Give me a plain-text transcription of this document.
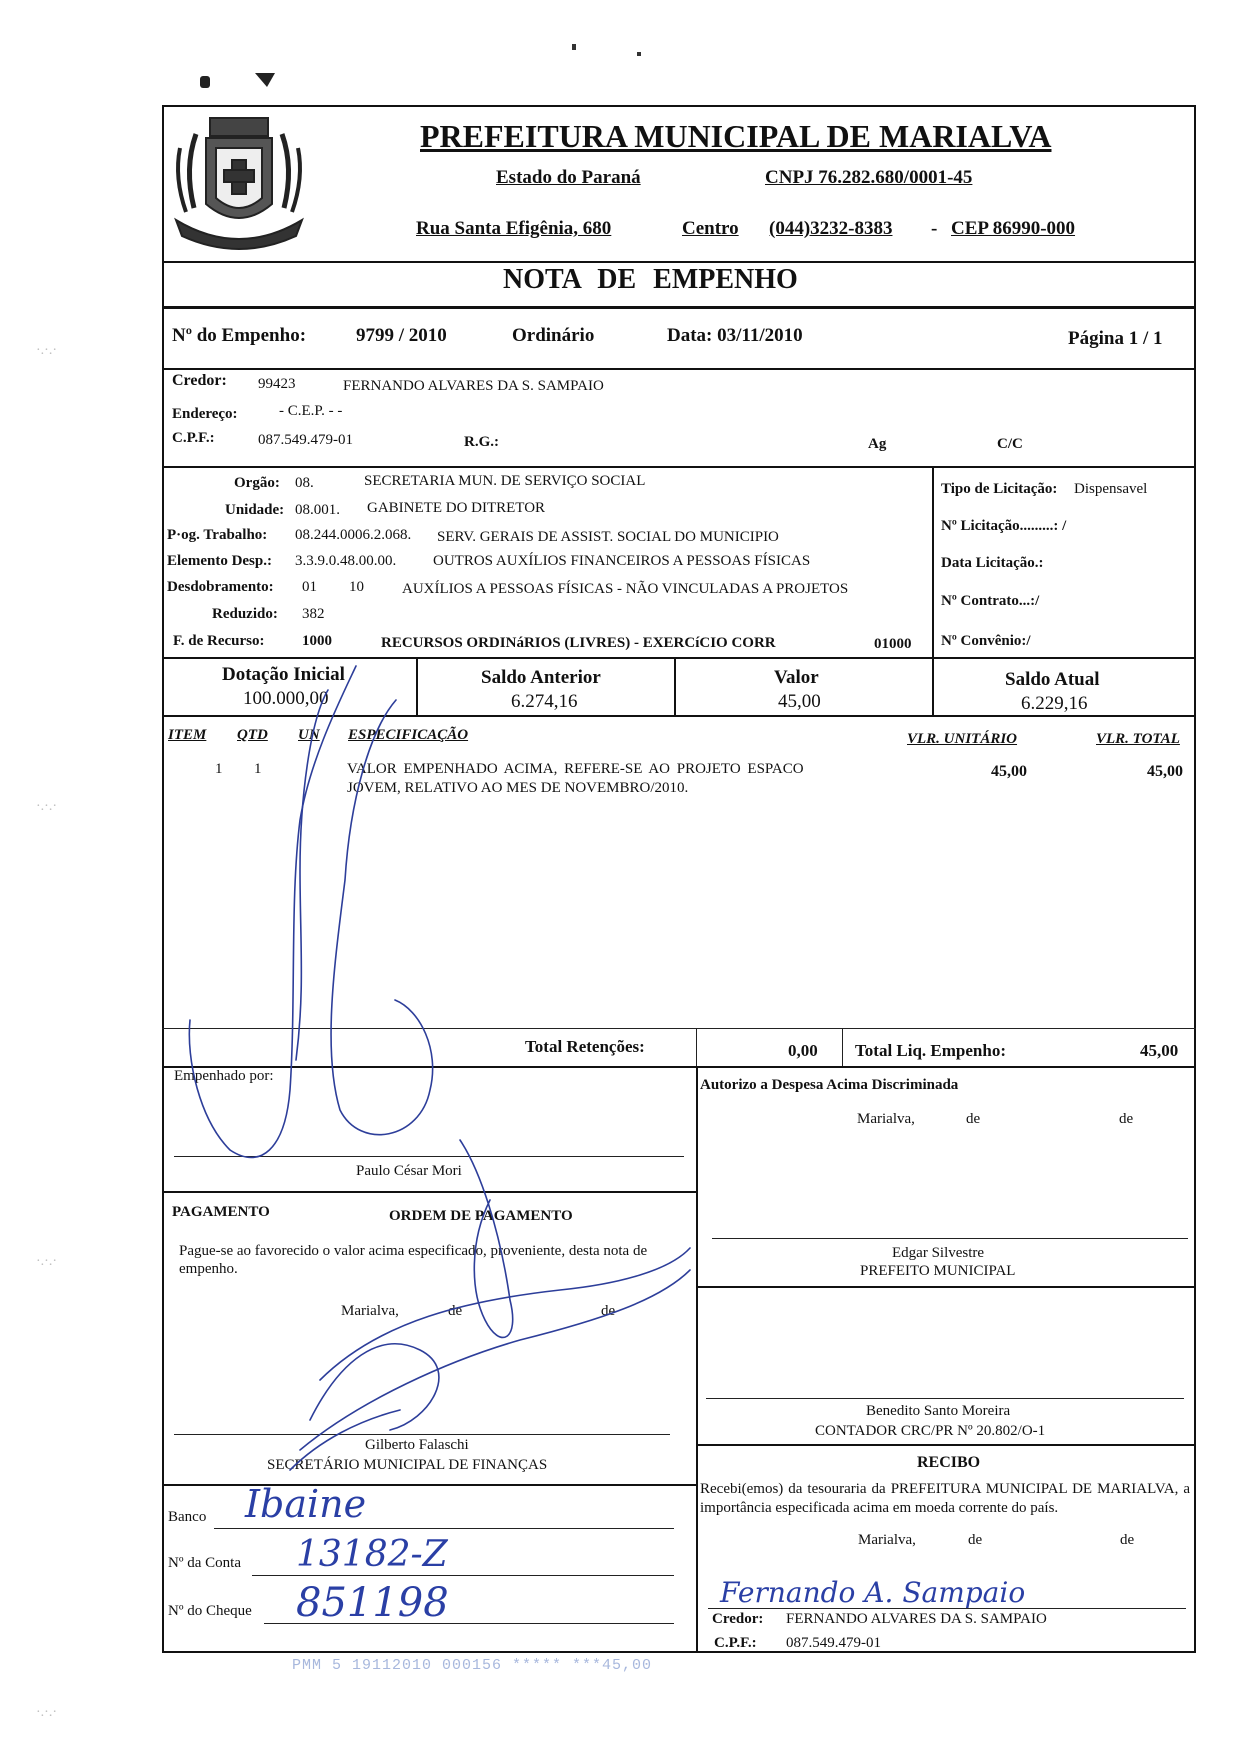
PREFEITURA MUNICIPAL DE MARIALVA
Estado do Paraná	CNPJ 76.282.680/0001-45
Rua Santa Efigênia, 680	Centro (044)3232-8383 - CEP 86990-000
NOTA DE EMPENHO
Nº do Empenho:	9799 / 2010	Ordinário	Data: 03/11/2010	Página 1 / 1
Credor: 99423	FERNANDO ALVARES DA S. SAMPAIO
Endereço:	- C.E.P. - -
C.P.F.:	087.549.479-01	R.G.:	Ag	C/C
Orgão: 08.	SECRETARIA MUN. DE SERVIÇO SOCIAL
Unidade: 08.001. GABINETE DO DITRETOR
P·og. Trabalho: 08.244.0006.2.068. SERV. GERAIS DE ASSIST. SOCIAL DO MUNICIPIO
Elemento Desp.: 3.3.9.0.48.00.00. OUTROS AUXÍLIOS FINANCEIROS A PESSOAS FÍSICAS
Desdobramento: 01 10	AUXÍLIOS A PESSOAS FÍSICAS - NÃO VINCULADAS A PROJETOS
Reduzido: 382
F. de Recurso: 1000	RECURSOS ORDINáRIOS (LIVRES) - EXERCíCIO CORR	01000
Tipo de Licitação: Dispensavel
Nº Licitação.........: /
Data Licitação.:
Nº Contrato...:/
Nº Convênio:/
Dotação Inicial
100.000,00
Saldo Anterior
6.274,16
Valor
45,00
Saldo Atual
6.229,16
ITEM QTD UN ESPECIFICAÇÃO	VLR. UNITÁRIO	VLR. TOTAL
1 1	VALOR EMPENHADO ACIMA, REFERE-SE AO PROJETO ESPACO
JOVEM, RELATIVO AO MES DE NOVEMBRO/2010.
45,00	45,00
Total Retenções:	0,00 Total Liq. Empenho:	45,00
Empenhado por:
Paulo César Mori
Autorizo a Despesa Acima Discriminada
Marialva,	de	de
Edgar Silvestre
PREFEITO MUNICIPAL
PAGAMENTO	ORDEM DE PAGAMENTO
Pague-se ao favorecido o valor acima especificado, proveniente, desta nota de empenho.
Marialva,	de	de
Gilberto Falaschi
SECRETÁRIO MUNICIPAL DE FINANÇAS
Benedito Santo Moreira
CONTADOR CRC/PR Nº 20.802/O-1
Banco Ibaine
Nº da Conta 13182-Z
Nº do Cheque 851198
RECIBO
Recebi(emos) da tesouraria da PREFEITURA MUNICIPAL DE MARIALVA, a importância especificada acima em moeda corrente do país.
Marialva,	de	de
Fernando A. Sampaio
Credor: FERNANDO ALVARES DA S. SAMPAIO
C.P.F.: 087.549.479-01
PMM 5 19112010 000156 ***** ***45,00
·.·.·
·.·.·
·.·.·
·.·.·
